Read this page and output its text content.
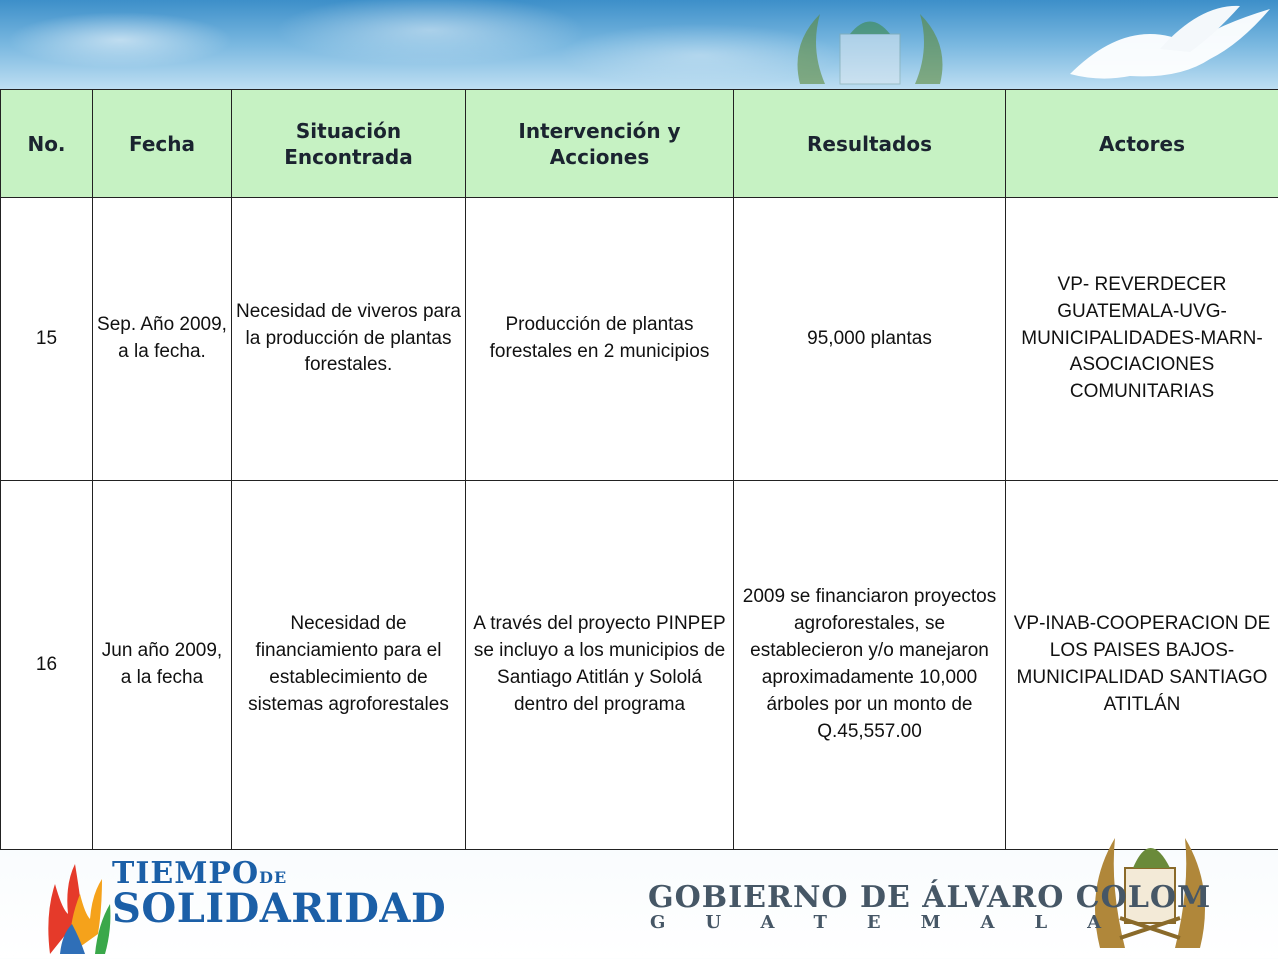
No.	Fecha	Situación Encontrada	Intervención y Acciones	Resultados	Actores
15	Sep. Año 2009, a la fecha.	Necesidad de viveros para la producción de plantas forestales.	Producción de plantas forestales en 2 municipios	95,000 plantas	VP- REVERDECER GUATEMALA-UVG-MUNICIPALIDADES-MARN-ASOCIACIONES COMUNITARIAS
16	Jun año 2009, a la fecha	Necesidad de financiamiento para el establecimiento de sistemas agroforestales	A través del proyecto PINPEP se incluyo a los municipios de Santiago Atitlán y Sololá dentro del programa	2009 se financiaron proyectos agroforestales, se establecieron y/o manejaron aproximadamente 10,000 árboles por un monto de Q.45,557.00	VP-INAB-COOPERACION DE LOS PAISES BAJOS-MUNICIPALIDAD SANTIAGO ATITLÁN
TIEMPODE
SOLIDARIDAD	GOBIERNO DE ÁLVARO COLOM
GUATEMALA
